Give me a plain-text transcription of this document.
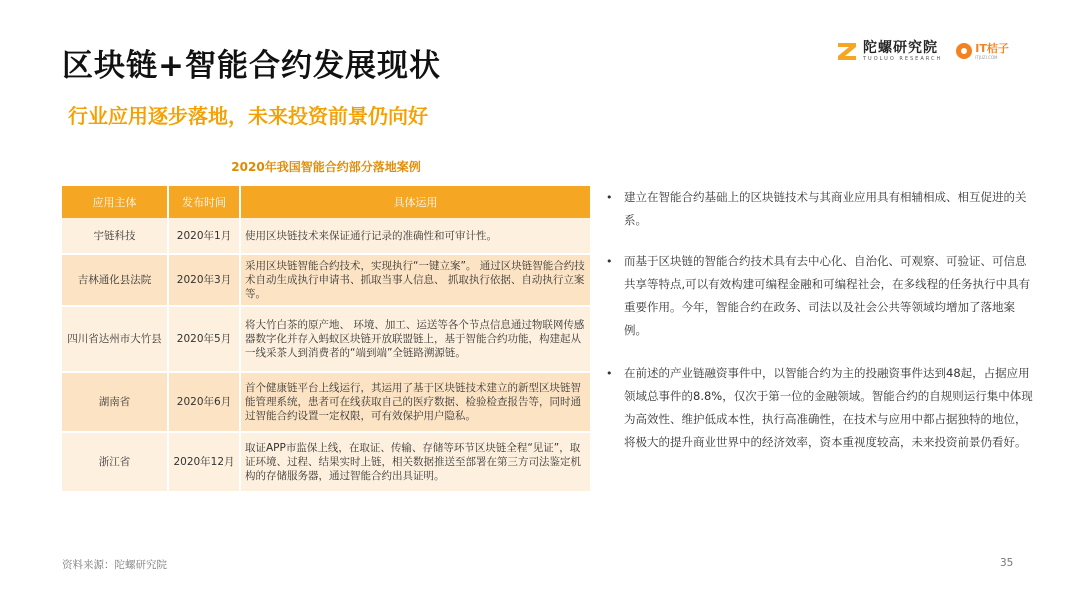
区块链+智能合约发展现状
行业应用逐步落地，未来投资前景仍向好
陀螺研究院
TUOLUO RESEARCH
IT桔子
ITJUZI.COM
2020年我国智能合约部分落地案例
应用主体	发布时间	具体运用
宇链科技	2020年1月	使用区块链技术来保证通行记录的准确性和可审计性。
吉林通化县法院	2020年3月	采用区块链智能合约技术，实现执行“一键立案”。 通过区块链智能合约技术自动生成执行申请书、抓取当事人信息、 抓取执行依据、自动执行立案等。
四川省达州市大竹县	2020年5月	将大竹白茶的原产地、 环境、加工、运送等各个节点信息通过物联网传感器数字化并存入蚂蚁区块链开放联盟链上，基于智能合约功能，构建起从一线采茶人到消费者的“端到端”全链路溯源链。
湖南省	2020年6月	首个健康链平台上线运行，其运用了基于区块链技术建立的新型区块链智能管理系统，患者可在线获取自己的医疗数据、检验检查报告等，同时通过智能合约设置一定权限，可有效保护用户隐私。
浙江省	2020年12月	取证APP市监保上线，在取证、传输、存储等环节区块链全程“见证”，取证环境、过程、结果实时上链，相关数据推送至部署在第三方司法鉴定机构的存储服务器，通过智能合约出具证明。
•	建立在智能合约基础上的区块链技术与其商业应用具有相辅相成、相互促进的关系。
•	而基于区块链的智能合约技术具有去中心化、自治化、可观察、可验证、可信息共享等特点,可以有效构建可编程金融和可编程社会，在多线程的任务执行中具有重要作用。今年，智能合约在政务、司法以及社会公共等领域均增加了落地案例。
•	在前述的产业链融资事件中，以智能合约为主的投融资事件达到48起，占据应用领域总事件的8.8%，仅次于第一位的金融领域。智能合约的自规则运行集中体现为高效性、维护低成本性，执行高准确性，在技术与应用中都占据独特的地位，将极大的提升商业世界中的经济效率，资本重视度较高，未来投资前景仍看好。
资料来源：陀螺研究院	35
